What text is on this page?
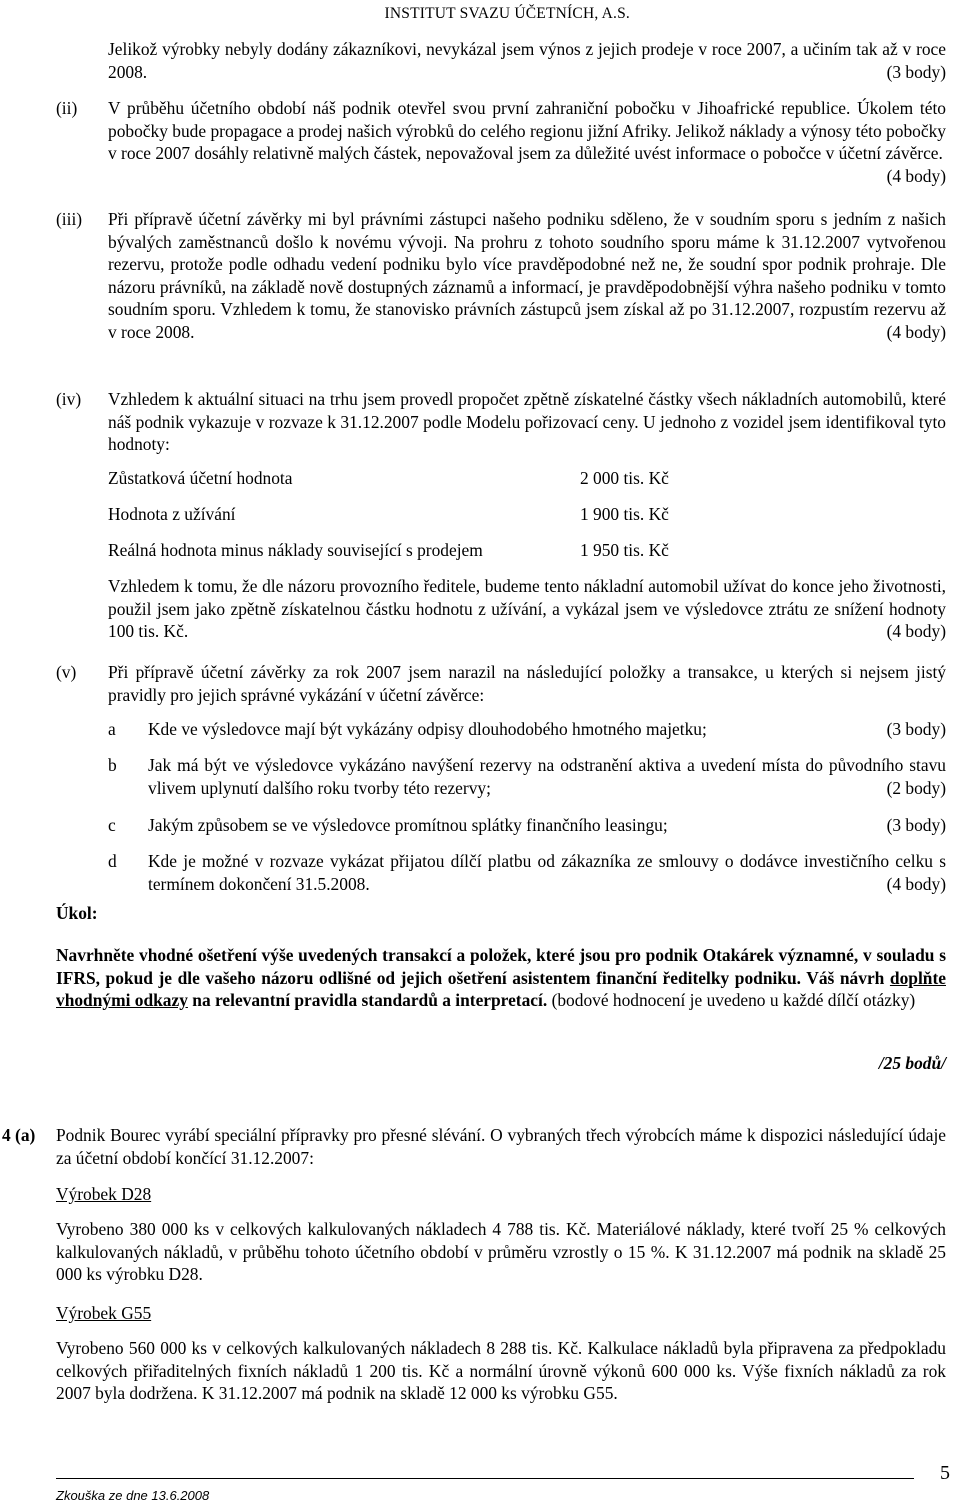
INSTITUT SVAZU ÚČETNÍCH, A.S.
Jelikož výrobky nebyly dodány zákazníkovi, nevykázal jsem výnos z jejich prodeje v roce 2007, a učiním tak až v roce 2008.	(3 body)
(ii) V průběhu účetního období náš podnik otevřel svou první zahraniční pobočku v Jihoafrické republice. Úkolem této pobočky bude propagace a prodej našich výrobků do celého regionu jižní Afriky. Jelikož náklady a výnosy této pobočky v roce 2007 dosáhly relativně malých částek, nepovažoval jsem za důležité uvést informace o pobočce v účetní závěrce.
(4 body)
(iii) Při přípravě účetní závěrky mi byl právními zástupci našeho podniku sděleno, že v soudním sporu s jedním z našich bývalých zaměstnanců došlo k novému vývoji. Na prohru z tohoto soudního sporu máme k 31.12.2007 vytvořenou rezervu, protože podle odhadu vedení podniku bylo více pravděpodobné než ne, že soudní spor podnik prohraje. Dle názoru právníků, na základě nově dostupných záznamů a informací, je pravděpodobnější výhra našeho podniku v tomto soudním sporu. Vzhledem k tomu, že stanovisko právních zástupců jsem získal až po 31.12.2007, rozpustím rezervu až v roce 2008.	(4 body)
(iv) Vzhledem k aktuální situaci na trhu jsem provedl propočet zpětně získatelné částky všech nákladních automobilů, které náš podnik vykazuje v rozvaze k 31.12.2007 podle Modelu pořizovací ceny. U jednoho z vozidel jsem identifikoval tyto hodnoty:
Zůstatková účetní hodnota	2 000 tis. Kč
Hodnota z užívání	1 900 tis. Kč
Reálná hodnota minus náklady související s prodejem	1 950 tis. Kč
Vzhledem k tomu, že dle názoru provozního ředitele, budeme tento nákladní automobil užívat do konce jeho životnosti, použil jsem jako zpětně získatelnou částku hodnotu z užívání, a vykázal jsem ve výsledovce ztrátu ze snížení hodnoty 100 tis. Kč.	(4 body)
(v) Při přípravě účetní závěrky za rok 2007 jsem narazil na následující položky a transakce, u kterých si nejsem jistý pravidly pro jejich správné vykázání v účetní závěrce:
a Kde ve výsledovce mají být vykázány odpisy dlouhodobého hmotného majetku;	(3 body)
b Jak má být ve výsledovce vykázáno navýšení rezervy na odstranění aktiva a uvedení místa do původního stavu vlivem uplynutí dalšího roku tvorby této rezervy;	(2 body)
c Jakým způsobem se ve výsledovce promítnou splátky finančního leasingu;	(3 body)
d Kde je možné v rozvaze vykázat přijatou dílčí platbu od zákazníka ze smlouvy o dodávce investičního celku s termínem dokončení 31.5.2008.	(4 body)
Úkol:
Navrhněte vhodné ošetření výše uvedených transakcí a položek, které jsou pro podnik Otakárek významné, v souladu s IFRS, pokud je dle vašeho názoru odlišné od jejich ošetření asistentem finanční ředitelky podniku. Váš návrh doplňte vhodnými odkazy na relevantní pravidla standardů a interpretací. (bodové hodnocení je uvedeno u každé dílčí otázky)
/25 bodů/
4 (a) Podnik Bourec vyrábí speciální přípravky pro přesné slévání. O vybraných třech výrobcích máme k dispozici následující údaje za účetní období končící 31.12.2007:
Výrobek D28
Vyrobeno 380 000 ks v celkových kalkulovaných nákladech 4 788 tis. Kč. Materiálové náklady, které tvoří 25 % celkových kalkulovaných nákladů, v průběhu tohoto účetního období v průměru vzrostly o 15 %. K 31.12.2007 má podnik na skladě 25 000 ks výrobku D28.
Výrobek G55
Vyrobeno 560 000 ks v celkových kalkulovaných nákladech 8 288 tis. Kč. Kalkulace nákladů byla připravena za předpokladu celkových přiřaditelných fixních nákladů 1 200 tis. Kč a normální úrovně výkonů 600 000 ks. Výše fixních nákladů za rok 2007 byla dodržena. K 31.12.2007 má podnik na skladě 12 000 ks výrobku G55.
Zkouška ze dne 13.6.2008
5
